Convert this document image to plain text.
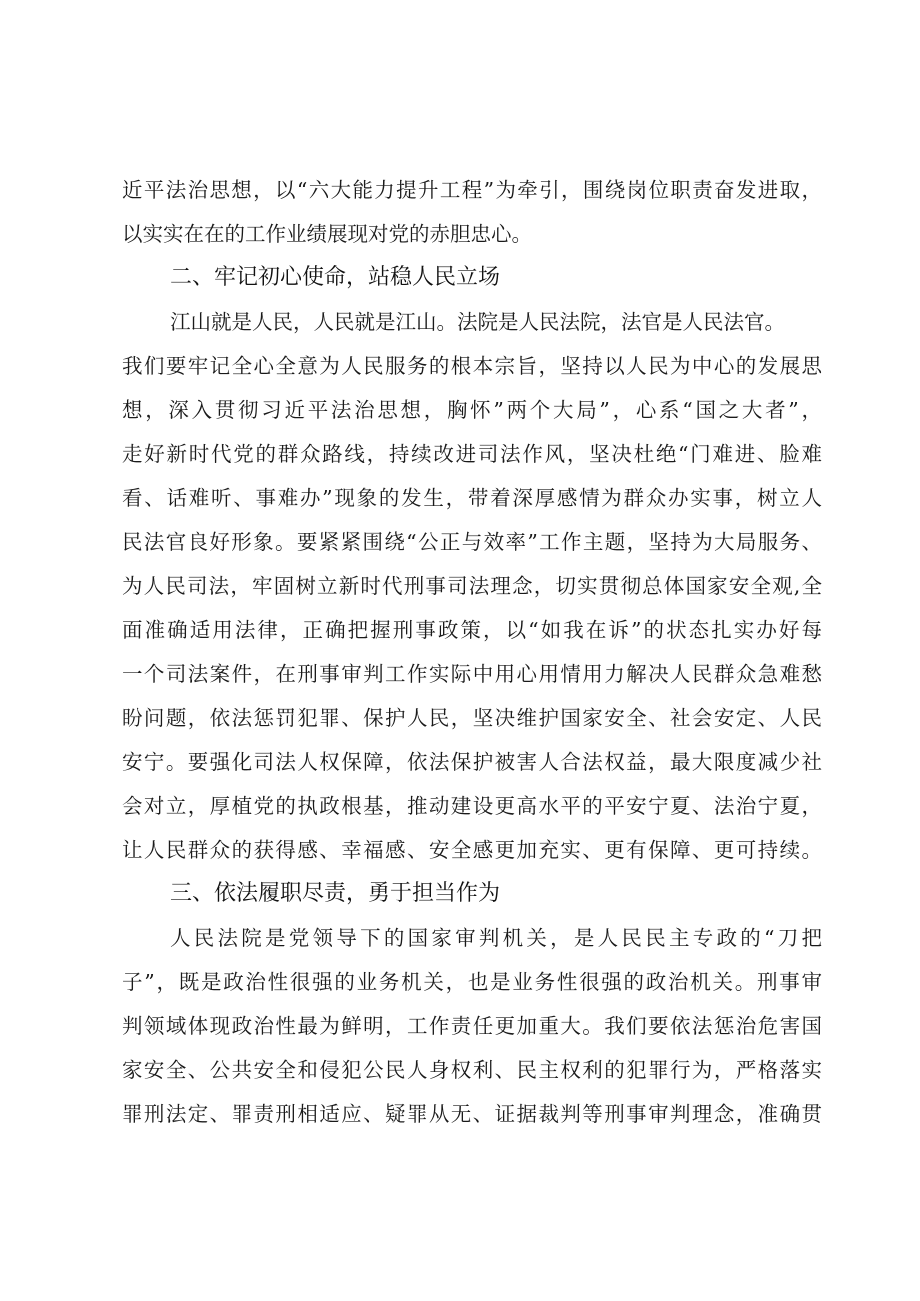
近平法治思想，以“六大能力提升工程”为牵引，围绕岗位职责奋发进取，
以实实在在的工作业绩展现对党的赤胆忠心。
二、牢记初心使命，站稳人民立场
江山就是人民，人民就是江山。法院是人民法院，法官是人民法官。
我们要牢记全心全意为人民服务的根本宗旨，坚持以人民为中心的发展思
想，深入贯彻习近平法治思想，胸怀”两个大局”，心系“国之大者”，
走好新时代党的群众路线，持续改进司法作风，坚决杜绝“门难进、脸难
看、话难听、事难办”现象的发生，带着深厚感情为群众办实事，树立人
民法官良好形象。要紧紧围绕“公正与效率”工作主题，坚持为大局服务、
为人民司法，牢固树立新时代刑事司法理念，切实贯彻总体国家安全观,全
面准确适用法律，正确把握刑事政策，以“如我在诉”的状态扎实办好每
一个司法案件，在刑事审判工作实际中用心用情用力解决人民群众急难愁
盼问题，依法惩罚犯罪、保护人民，坚决维护国家安全、社会安定、人民
安宁。要强化司法人权保障，依法保护被害人合法权益，最大限度减少社
会对立，厚植党的执政根基，推动建设更高水平的平安宁夏、法治宁夏，
让人民群众的获得感、幸福感、安全感更加充实、更有保障、更可持续。
三、依法履职尽责，勇于担当作为
人民法院是党领导下的国家审判机关，是人民民主专政的“刀把
子”，既是政治性很强的业务机关，也是业务性很强的政治机关。刑事审
判领域体现政治性最为鲜明，工作责任更加重大。我们要依法惩治危害国
家安全、公共安全和侵犯公民人身权利、民主权利的犯罪行为，严格落实
罪刑法定、罪责刑相适应、疑罪从无、证据裁判等刑事审判理念，准确贯
